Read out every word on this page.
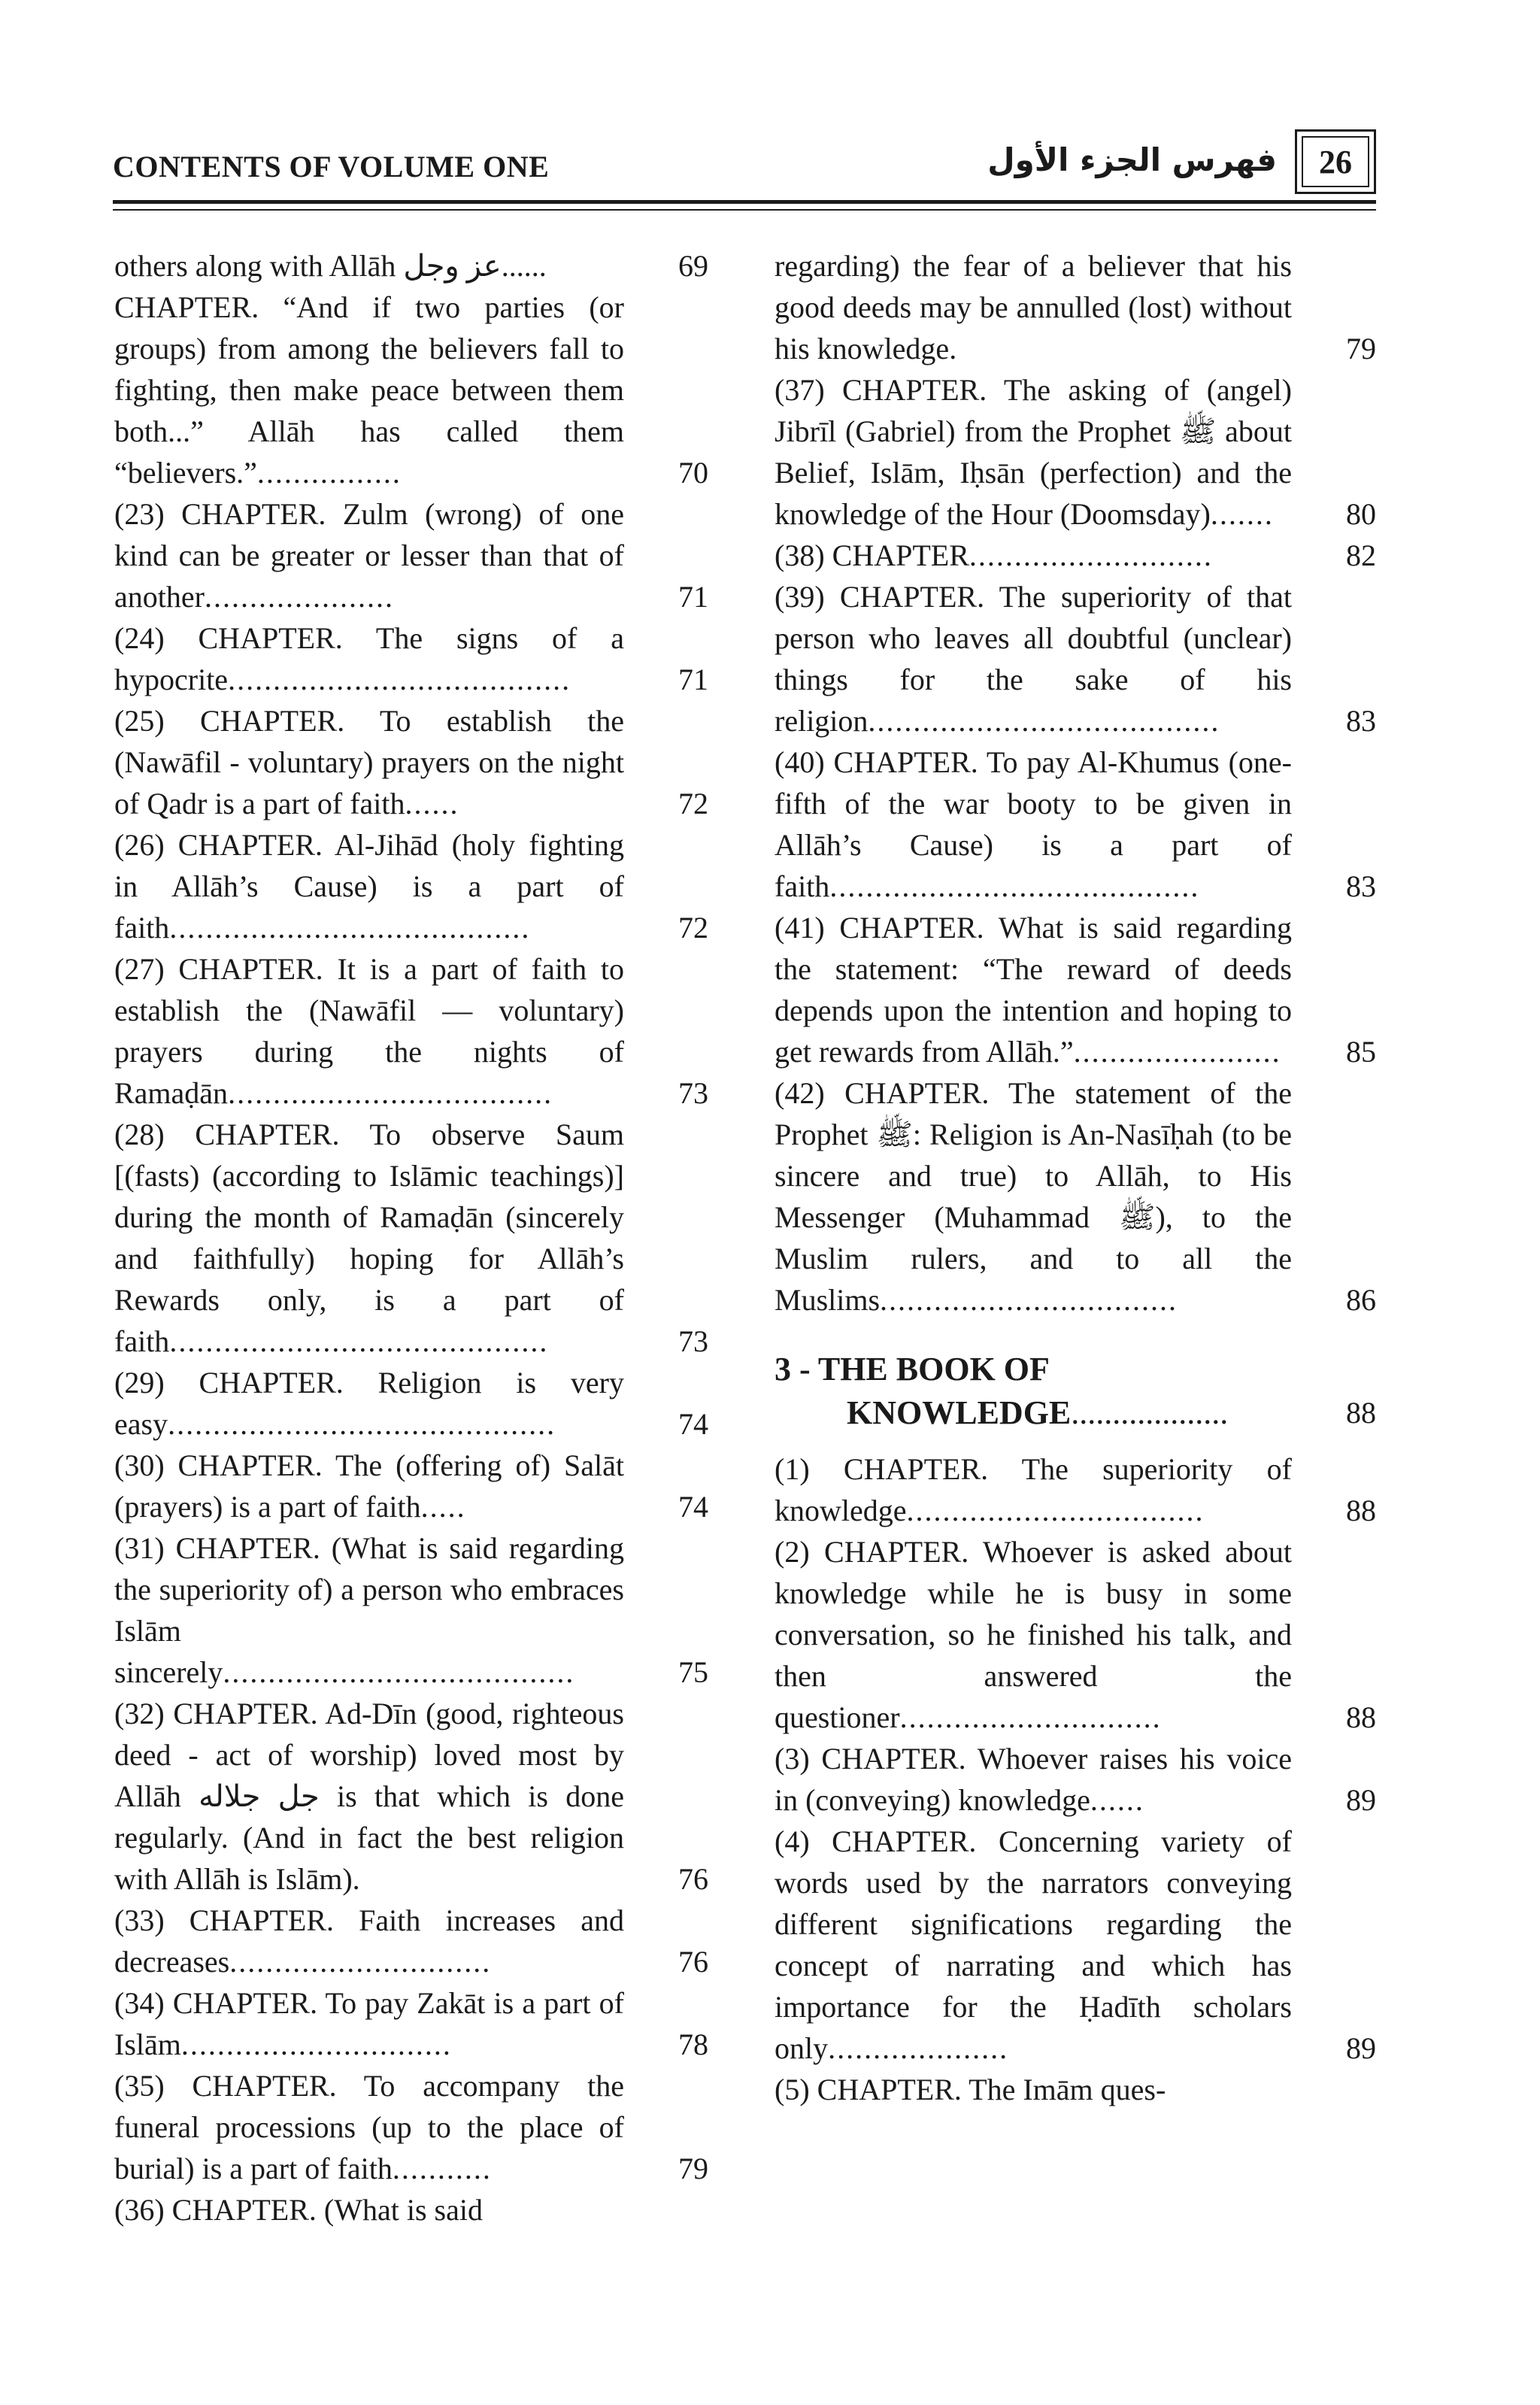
CONTENTS OF VOLUME ONE	فهرس الجزء الأول	26
others along with Allāh عز وجل......	69
CHAPTER. “And if two parties (or groups) from among the believers fall to fighting, then make peace between them both...” Allāh has called them “believers.”................	70
(23) CHAPTER. Zulm (wrong) of one kind can be greater or lesser than that of another.....................	71
(24) CHAPTER. The signs of a hypocrite......................................	71
(25) CHAPTER. To establish the (Nawāfil - voluntary) prayers on the night of Qadr is a part of faith......	72
(26) CHAPTER. Al-Jihād (holy fighting in Allāh’s Cause) is a part of faith........................................	72
(27) CHAPTER. It is a part of faith to establish the (Nawāfil — voluntary) prayers during the nights of Ramaḍān....................................	73
(28) CHAPTER. To observe Saum [(fasts) (according to Islāmic teachings)] during the month of Ramaḍān (sincerely and faithfully) hoping for Allāh’s Rewards only, is a part of faith..........................................	73
(29) CHAPTER. Religion is very easy...........................................	74
(30) CHAPTER. The (offering of) Salāt (prayers) is a part of faith.....	74
(31) CHAPTER. (What is said regarding the superiority of) a person who embraces Islām sincerely.......................................	75
(32) CHAPTER. Ad-Dīn (good, righteous deed - act of worship) loved most by Allāh جل جلاله is that which is done regularly. (And in fact the best religion with Allāh is Islām).	76
(33) CHAPTER. Faith increases and decreases.............................	76
(34) CHAPTER. To pay Zakāt is a part of Islām..............................	78
(35) CHAPTER. To accompany the funeral processions (up to the place of burial) is a part of faith...........	79
(36) CHAPTER. (What is said
regarding) the fear of a believer that his good deeds may be annulled (lost) without his knowledge.	79
(37) CHAPTER. The asking of (angel) Jibrīl (Gabriel) from the Prophet ﷺ about Belief, Islām, Iḥsān (perfection) and the knowledge of the Hour (Doomsday).......	80
(38) CHAPTER...........................	82
(39) CHAPTER. The superiority of that person who leaves all doubtful (unclear) things for the sake of his religion.......................................	83
(40) CHAPTER. To pay Al-Khumus (one-fifth of the war booty to be given in Allāh’s Cause) is a part of faith.........................................	83
(41) CHAPTER. What is said regarding the statement: “The reward of deeds depends upon the intention and hoping to get rewards from Allāh.”.......................	85
(42) CHAPTER. The statement of the Prophet ﷺ: Religion is An-Nasīḥah (to be sincere and true) to Allāh, to His Messenger (Muhammad ﷺ), to the Muslim rulers, and to all the Muslims.................................	86
3 - THE BOOK OF
KNOWLEDGE...................	88
(1) CHAPTER. The superiority of knowledge.................................	88
(2) CHAPTER. Whoever is asked about knowledge while he is busy in some conversation, so he finished his talk, and then answered the questioner.............................	88
(3) CHAPTER. Whoever raises his voice in (conveying) knowledge......	89
(4) CHAPTER. Concerning variety of words used by the narrators conveying different significations regarding the concept of narrating and which has importance for the Ḥadīth scholars only....................	89
(5) CHAPTER. The Imām ques-
